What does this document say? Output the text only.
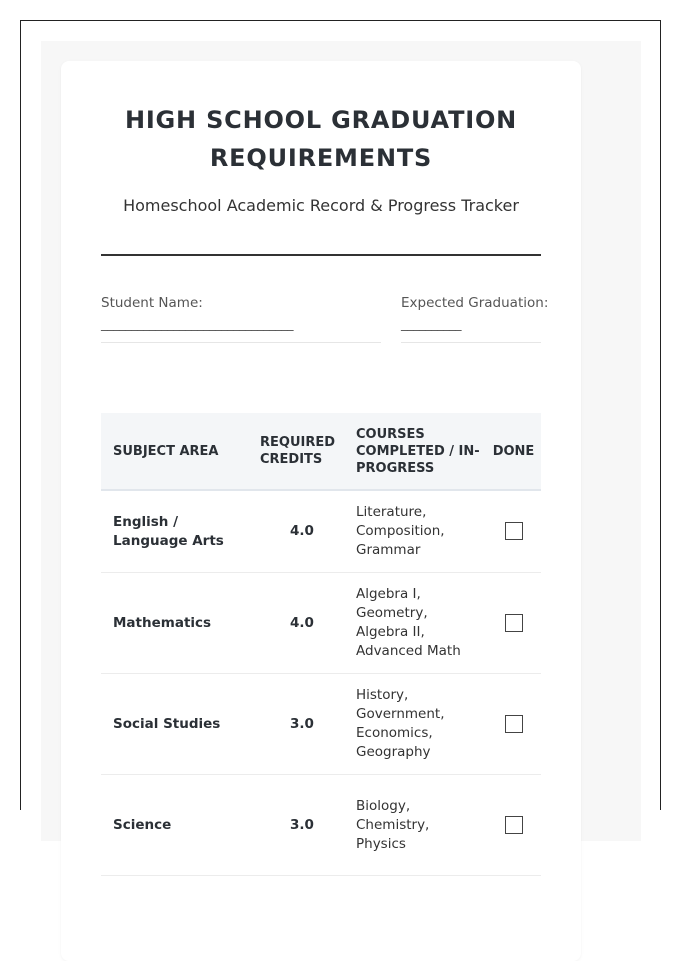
HIGH SCHOOL GRADUATION REQUIREMENTS
Homeschool Academic Record & Progress Tracker
Student Name:
________________________________
Expected Graduation:
__________
SUBJECT AREA	REQUIRED CREDITS	COURSES COMPLETED / IN-PROGRESS	DONE
English / Language Arts	4.0	Literature, Composition, Grammar	
Mathematics	4.0	Algebra I, Geometry, Algebra II, Advanced Math	
Social Studies	3.0	History, Government, Economics, Geography	
Science	3.0	Biology, Chemistry, Physics	
